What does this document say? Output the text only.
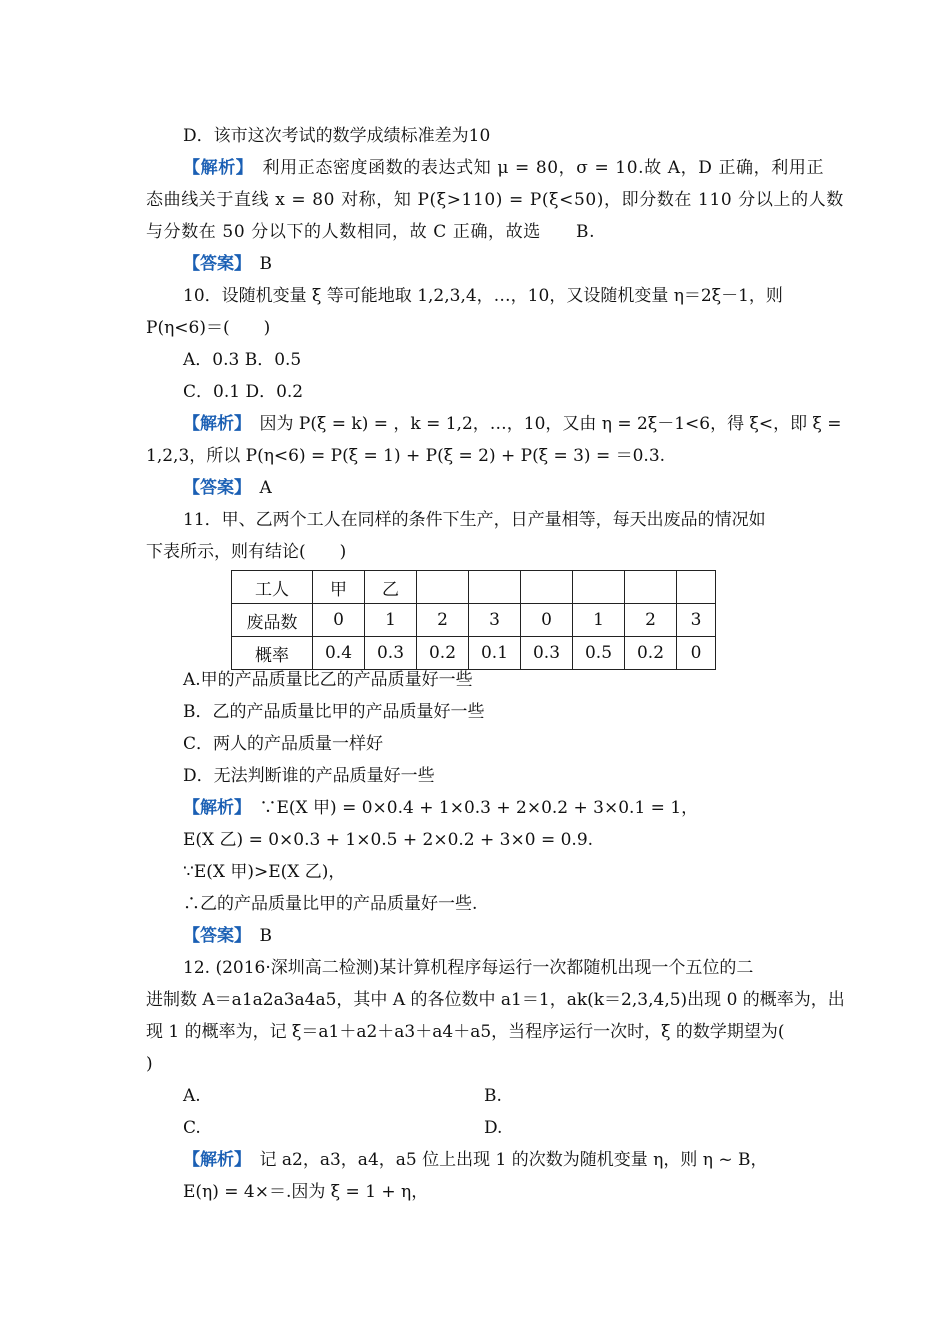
D．该市这次考试的数学成绩标准差为10
【解析】　 利用正态密度函数的表达式知 μ = 80，σ = 10.故 A，D 正确，利用正
态曲线关于直线 x = 80 对称，知 P(ξ>110) = P(ξ<50)，即分数在 110 分以上的人数
与分数在 50 分以下的人数相同，故 C 正确，故选　　B.
【答案】　 B
10．设随机变量 ξ 等可能地取 1,2,3,4，…，10，又设随机变量 η＝2ξ－1，则
P(η<6)＝(　　)
A．0.3 B．0.5
C．0.1 D．0.2
【解析】　 因为 P(ξ = k) = ，k = 1,2，…，10，又由 η = 2ξ－1<6，得 ξ<，即 ξ =
1,2,3，所以 P(η<6) = P(ξ = 1) + P(ξ = 2) + P(ξ = 3) = ＝0.3.
【答案】　 A
11．甲、乙两个工人在同样的条件下生产，日产量相等，每天出废品的情况如
下表所示，则有结论(　　)
工人	甲	乙						
废品数	0	1	2	3	0	1	2	3
概率	0.4	0.3	0.2	0.1	0.3	0.5	0.2	0
A.甲的产品质量比乙的产品质量好一些
B．乙的产品质量比甲的产品质量好一些
C．两人的产品质量一样好
D．无法判断谁的产品质量好一些
【解析】　 ∵E(X 甲) = 0×0.4 + 1×0.3 + 2×0.2 + 3×0.1 = 1，
E(X 乙) = 0×0.3 + 1×0.5 + 2×0.2 + 3×0 = 0.9.
∵E(X 甲)>E(X 乙)，
∴乙的产品质量比甲的产品质量好一些.
【答案】　 B
12. (2016·深圳高二检测)某计算机程序每运行一次都随机出现一个五位的二
进制数 A＝a1a2a3a4a5，其中 A 的各位数中 a1＝1，ak(k＝2,3,4,5)出现 0 的概率为，出
现 1 的概率为，记 ξ＝a1＋a2＋a3＋a4＋a5，当程序运行一次时，ξ 的数学期望为(
)
A.	B.
C.	D.
【解析】　 记 a2，a3，a4，a5 位上出现 1 的次数为随机变量 η，则 η ~ B，
E(η) = 4×＝.因为 ξ = 1 + η，
